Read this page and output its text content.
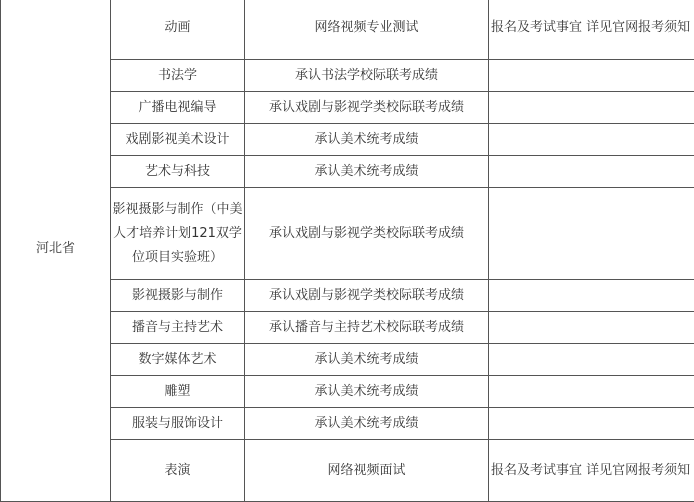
河北省	动画	网络视频专业测试	报名及考试事宜 详见官网报考须知
	书法学	承认书法学校际联考成绩	
	广播电视编导	承认戏剧与影视学类校际联考成绩	
	戏剧影视美术设计	承认美术统考成绩	
	艺术与科技	承认美术统考成绩	
	影视摄影与制作（中美人才培养计划121双学位项目实验班）	承认戏剧与影视学类校际联考成绩	
	影视摄影与制作	承认戏剧与影视学类校际联考成绩	
	播音与主持艺术	承认播音与主持艺术校际联考成绩	
	数字媒体艺术	承认美术统考成绩	
	雕塑	承认美术统考成绩	
	服装与服饰设计	承认美术统考成绩	
	表演	网络视频面试	报名及考试事宜 详见官网报考须知
